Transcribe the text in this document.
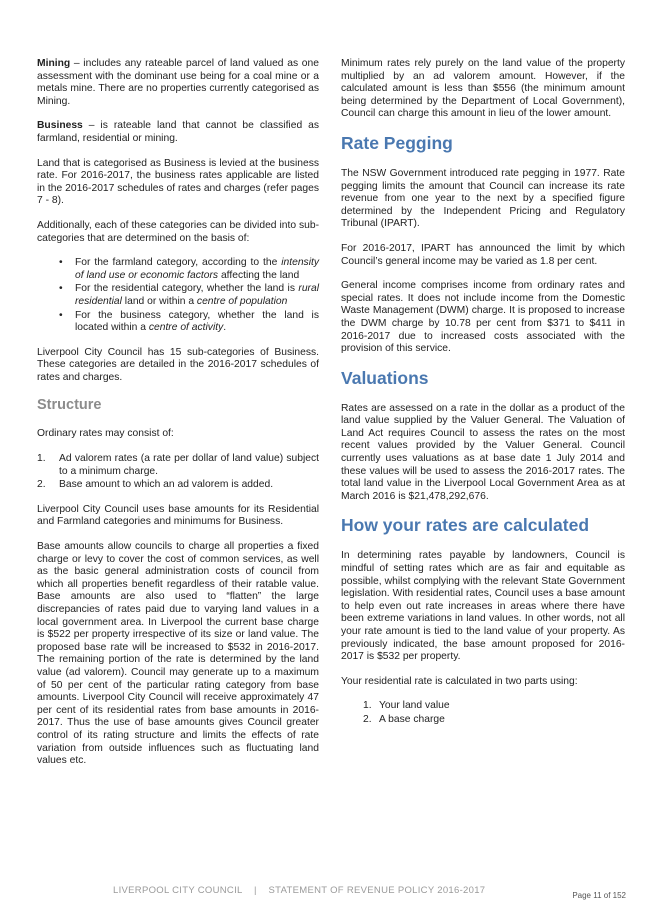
Mining – includes any rateable parcel of land valued as one assessment with the dominant use being for a coal mine or a metals mine. There are no properties currently categorised as Mining.

Business – is rateable land that cannot be classified as farmland, residential or mining.

Land that is categorised as Business is levied at the business rate. For 2016-2017, the business rates applicable are listed in the 2016-2017 schedules of rates and charges (refer pages 7 - 8).

Additionally, each of these categories can be divided into sub-categories that are determined on the basis of:

• For the farmland category, according to the intensity of land use or economic factors affecting the land
• For the residential category, whether the land is rural residential land or within a centre of population
• For the business category, whether the land is located within a centre of activity.

Liverpool City Council has 15 sub-categories of Business. These categories are detailed in the 2016-2017 schedules of rates and charges.

Structure

Ordinary rates may consist of:

1. Ad valorem rates (a rate per dollar of land value) subject to a minimum charge.
2. Base amount to which an ad valorem is added.

Liverpool City Council uses base amounts for its Residential and Farmland categories and minimums for Business.

Base amounts allow councils to charge all properties a fixed charge or levy to cover the cost of common services, as well as the basic general administration costs of council from which all properties benefit regardless of their ratable value. Base amounts are also used to “flatten” the large discrepancies of rates paid due to varying land values in a local government area. In Liverpool the current base charge is $522 per property irrespective of its size or land value. The proposed base rate will be increased to $532 in 2016-2017. The remaining portion of the rate is determined by the land value (ad valorem). Council may generate up to a maximum of 50 per cent of the particular rating category from base amounts. Liverpool City Council will receive approximately 47 per cent of its residential rates from base amounts in 2016-2017. Thus the use of base amounts gives Council greater control of its rating structure and limits the effects of rate variation from outside influences such as fluctuating land values etc.

Minimum rates rely purely on the land value of the property multiplied by an ad valorem amount. However, if the calculated amount is less than $556 (the minimum amount being determined by the Department of Local Government), Council can charge this amount in lieu of the lower amount.

Rate Pegging

The NSW Government introduced rate pegging in 1977. Rate pegging limits the amount that Council can increase its rate revenue from one year to the next by a specified figure determined by the Independent Pricing and Regulatory Tribunal (IPART).

For 2016-2017, IPART has announced the limit by which Council’s general income may be varied as 1.8 per cent.

General income comprises income from ordinary rates and special rates. It does not include income from the Domestic Waste Management (DWM) charge. It is proposed to increase the DWM charge by 10.78 per cent from $371 to $411 in 2016-2017 due to increased costs associated with the provision of this service.

Valuations

Rates are assessed on a rate in the dollar as a product of the land value supplied by the Valuer General. The Valuation of Land Act requires Council to assess the rates on the most recent values provided by the Valuer General. Council currently uses valuations as at base date 1 July 2014 and these values will be used to assess the 2016-2017 rates. The total land value in the Liverpool Local Government Area as at March 2016 is $21,478,292,676.

How your rates are calculated

In determining rates payable by landowners, Council is mindful of setting rates which are as fair and equitable as possible, whilst complying with the relevant State Government legislation. With residential rates, Council uses a base amount to help even out rate increases in areas where there have been extreme variations in land values. In other words, not all your rate amount is tied to the land value of your property. As previously indicated, the base amount proposed for 2016-2017 is $532 per property.

Your residential rate is calculated in two parts using:

1. Your land value
2. A base charge
LIVERPOOL CITY COUNCIL    |    STATEMENT OF REVENUE POLICY 2016-2017	Page 11 of 152
